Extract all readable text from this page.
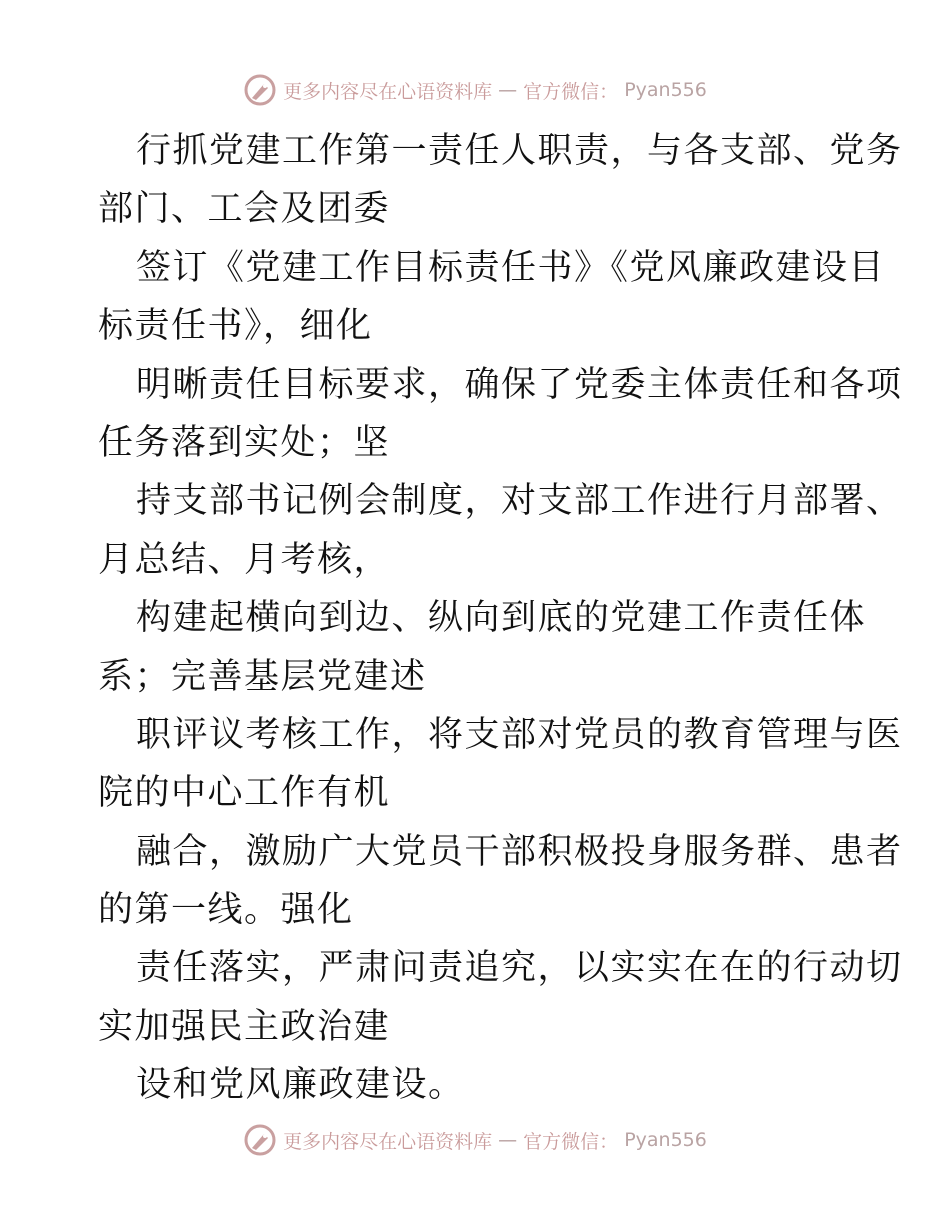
更多内容尽在心语资料库 — 官方微信： Pyan556
行抓党建工作第一责任人职责，与各支部、党务
部门、工会及团委
签订《党建工作目标责任书》《党风廉政建设目
标责任书》，细化
明晰责任目标要求，确保了党委主体责任和各项
任务落到实处；坚
持支部书记例会制度，对支部工作进行月部署、
月总结、月考核，
构建起横向到边、纵向到底的党建工作责任体
系；完善基层党建述
职评议考核工作，将支部对党员的教育管理与医
院的中心工作有机
融合，激励广大党员干部积极投身服务群、患者
的第一线。强化
责任落实，严肃问责追究，以实实在在的行动切
实加强民主政治建
设和党风廉政建设。
更多内容尽在心语资料库 — 官方微信： Pyan556
